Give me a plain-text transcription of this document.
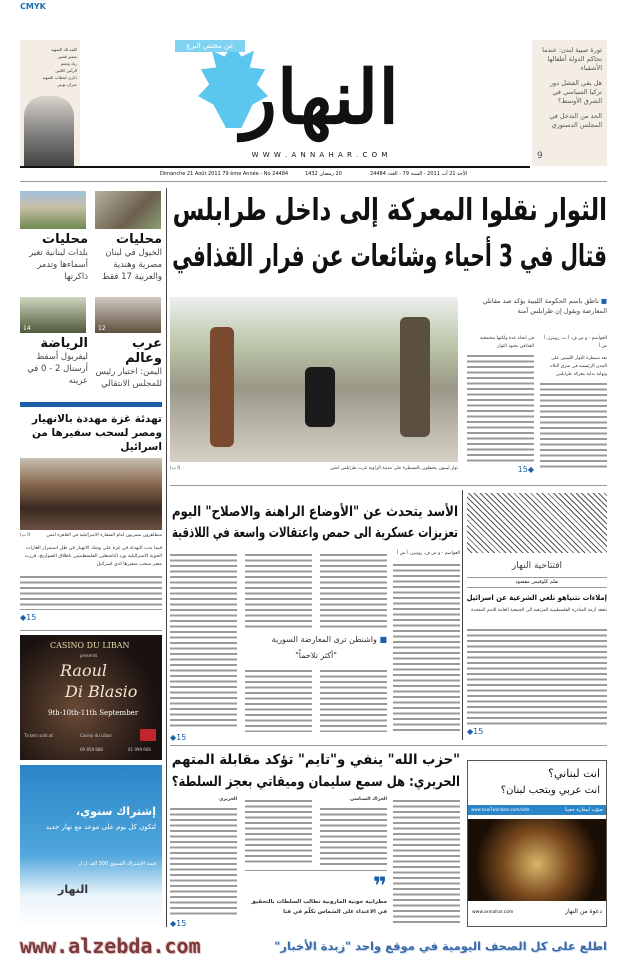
CMYK
كلمة لك الشهيد
سمير قصير
زياد ونعيم
الرأس كالتين
ذكرى لخطاب الشهيد
جبران تويني	النهار
عن مختص البرع
W W W . A N N A H A R . C O M
ثورة صبية لندن: عندما تحاكم الدولة أطفالها الأشقياء
هل يقي الفشل دور تركيا السياسي في الشرق الأوسط؟
الحد من التدخل في المجلس الدستوري
9
Dimanche 21 Août 2011 79 ème Année - No 24484	20 رمضان 1432	الأحد 21 آب 2011 - السنة 79 - العدد 24484
محليات
الخيول في لبنان مصرية وهندية والعربية 17 فقط
محليات
بلدات لبنانية تغير أسماءها وتدمر ذاكرتها
12
14
عرب وعالم
اليمن: اختيار رئيس للمجلس الانتقالي
الرياضة
ليفربول أسقط أرسنال 2 - 0 في عرينه
تهدئة غزة مهددة بالانهيار ومصر لسحب سفيرها من اسرائيل
متظاهرون مصريون امام السفارة الاسرائيلية في القاهرة امس
(أ ب)
فيما بدت التهدئة في غزة على وشك الانهيار في ظل استمرار الغارات الجوية الاسرائيلية ورد الناشطين الفلسطينيين باطلاق الصواريخ، قررت مصر سحب سفيرها لدى اسرائيل
◆15
CASINO DU LIBAN
presents
Raoul
Di Blasio
9th-10th-11th September
Tickets sold at:	Casino du Liban
09 858 888	01 999 666
إشتراك سنوي،
لتكون كل يوم على موعد مع نهار جديد
قيمة الإشتراك السنوي 300 ألف ل.ل
النهار
الثوار نقلوا المعركة إلى داخل طرابلس
قتال في 3 أحياء وشائعات عن فرار القذافي
■ ناطق باسم الحكومة الليبية يؤكد صد مقاتلي المعارضة ويقول إن طرابلس آمنة
ثوار ليبيون يحتفلون بالسيطرة على مدينة الزاوية غرب طرابلس امس
(أ ب)
العواصم - و ص ف، أ ب، رويترز، أ ش أ
بعد سيطرة الثوار الليبيين على المدن الرئيسية في شرق البلاد، ونهاية بداية معركة طرابلس
في انحاء عدة ولكنها مجتمعية القذافي بجنود الثوار
◆15
افتتاحية النهار
بقلم كلوفيس مقصود
إملاءات نتنياهو تلغي الشرعية عن اسرائيل
تتعقد أزمة المبادرة الفلسطينية المرتقبة الى الجمعية العامة للامم المتحدة
◆15
الأسد يتحدث عن "الأوضاع الراهنة والاصلاح" اليوم
تعزيزات عسكرية الى حمص واعتقالات واسعة في اللاذقية
العواصم - و ص ف، رويترز، أ ش أ
■ واشنطن ترى المعارضة السورية
"أكثر تلاحماً"
◆15
"حزب الله" ينفي و"تايم" تؤكد مقابلة المتهم
الحريري: هل سمع سليمان وميقاتي بعجز السلطة؟
الحراك السياسي
الحريري
◆15
❞
مطرانية جونية المارونية تطالب السلطات بالتحقيق في الاعتداء على الشماس تكلّم في قنا
انت لبناني؟
انت عربي وبتحب لبنان؟
www.new7wonders.com/vote	صوّت لمغارة جعيتا
www.annahar.com	دعوة من النهار
www.alzebda.com	اطلع على كل الصحف اليومية في موقع واحد "زبدة الأخبار"
